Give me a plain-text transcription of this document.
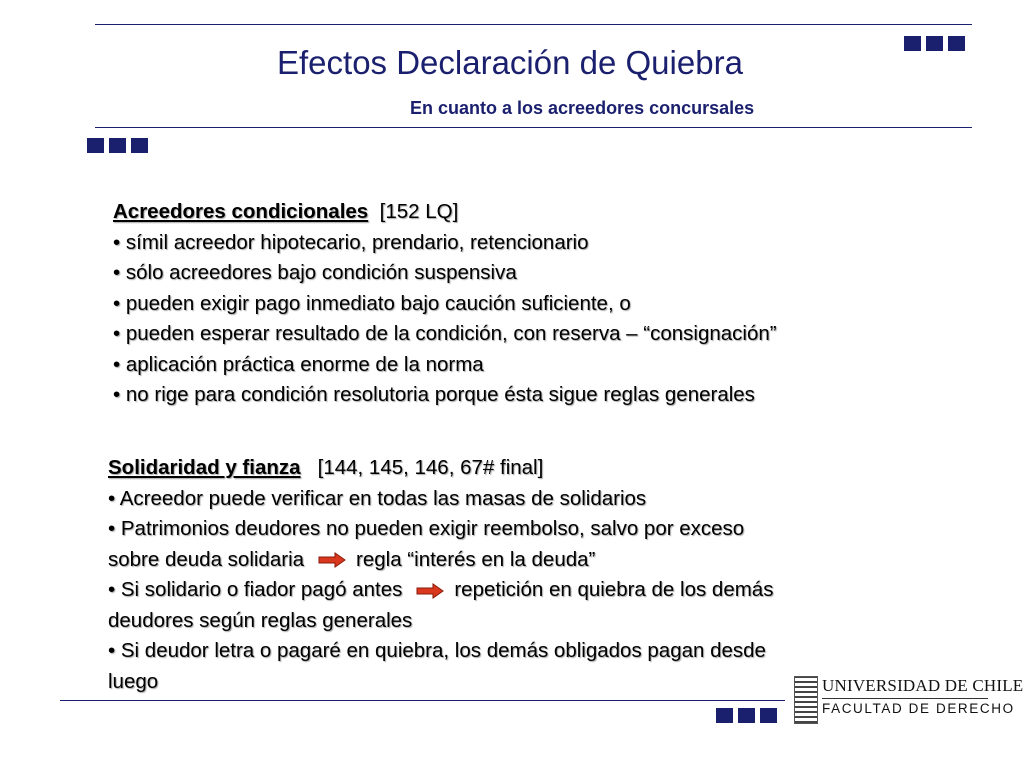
Efectos Declaración de Quiebra
En cuanto a los acreedores concursales
Acreedores condicionales [152 LQ]
• símil acreedor hipotecario, prendario, retencionario
• sólo acreedores bajo condición suspensiva
• pueden exigir pago inmediato bajo caución suficiente, o
• pueden esperar resultado de la condición, con reserva – “consignación”
• aplicación práctica enorme de la norma
• no rige para condición resolutoria porque ésta sigue reglas generales
Solidaridad y fianza [144, 145, 146, 67# final]
• Acreedor puede verificar en todas las masas de solidarios
• Patrimonios deudores no pueden exigir reembolso, salvo por exceso
sobre deuda solidaria	regla “interés en la deuda”
• Si solidario o fiador pagó antes	repetición en quiebra de los demás
deudores según reglas generales
• Si deudor letra o pagaré en quiebra, los demás obligados pagan desde
luego	UNIVERSIDAD DE CHILE
FACULTAD DE DERECHO
